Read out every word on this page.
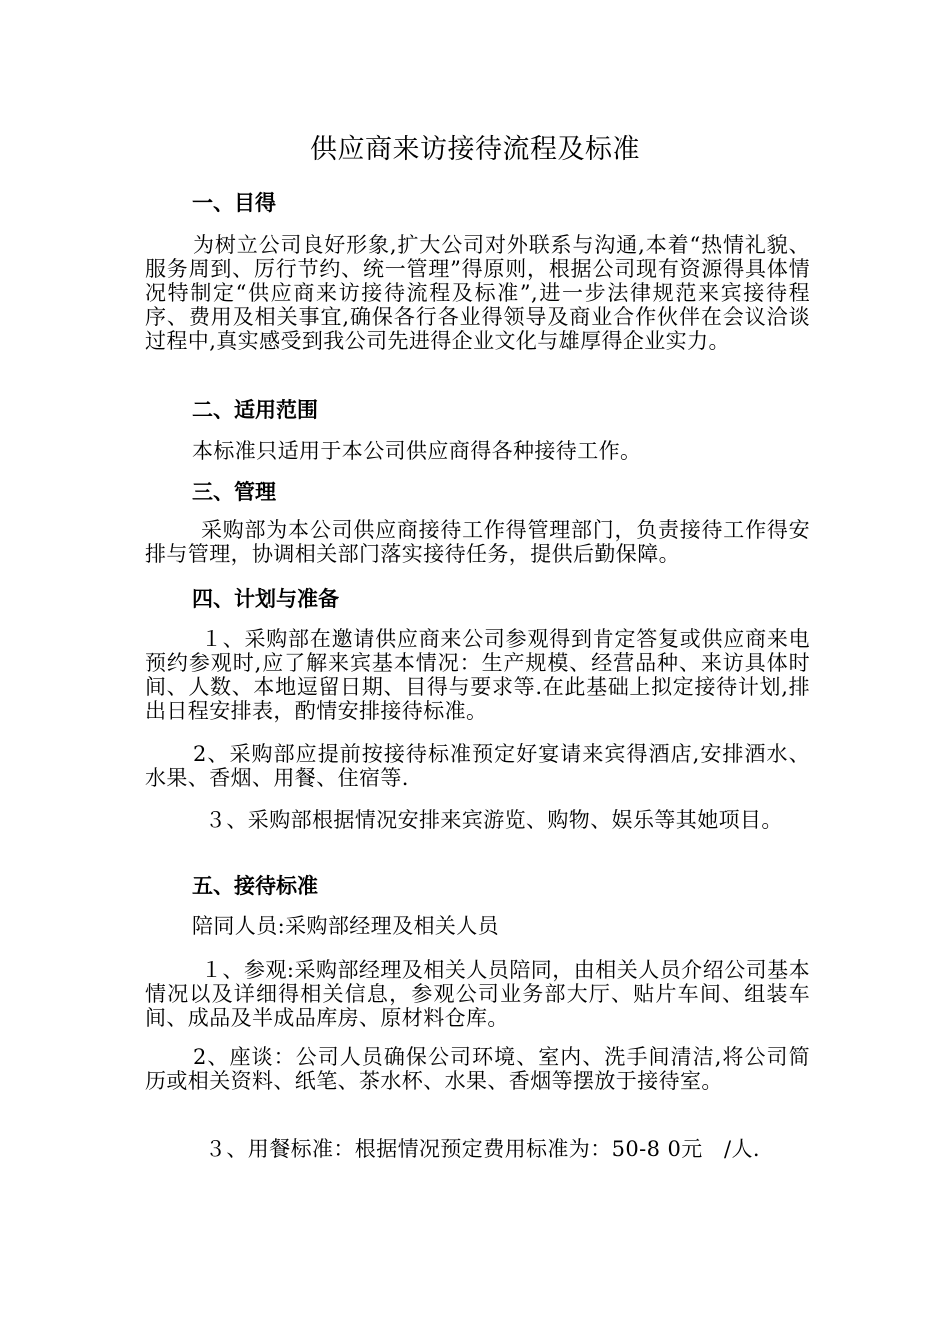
供应商来访接待流程及标准
一、目得

为树立公司良好形象,扩大公司对外联系与沟通,本着“热情礼貌、服务周到、厉行节约、统一管理”得原则，根据公司现有资源得具体情况特制定“供应商来访接待流程及标准”,进一步法律规范来宾接待程序、费用及相关事宜,确保各行各业得领导及商业合作伙伴在会议洽谈过程中,真实感受到我公司先进得企业文化与雄厚得企业实力。

二、适用范围

本标准只适用于本公司供应商得各种接待工作。

三、管理

采购部为本公司供应商接待工作得管理部门，负责接待工作得安排与管理，协调相关部门落实接待任务，提供后勤保障。

四、计划与准备

１、采购部在邀请供应商来公司参观得到肯定答复或供应商来电预约参观时,应了解来宾基本情况：生产规模、经营品种、来访具体时间、人数、本地逗留日期、目得与要求等.在此基础上拟定接待计划,排出日程安排表，酌情安排接待标准。

2、采购部应提前按接待标准预定好宴请来宾得酒店,安排酒水、水果、香烟、用餐、住宿等.

３、采购部根据情况安排来宾游览、购物、娱乐等其她项目。

五、接待标准

陪同人员:采购部经理及相关人员

１、参观:采购部经理及相关人员陪同，由相关人员介绍公司基本情况以及详细得相关信息，参观公司业务部大厅、贴片车间、组装车间、成品及半成品库房、原材料仓库。

2、座谈：公司人员确保公司环境、室内、洗手间清洁,将公司简历或相关资料、纸笔、茶水杯、水果、香烟等摆放于接待室。

３、用餐标准：根据情况预定费用标准为：50-8 0元　/人.
